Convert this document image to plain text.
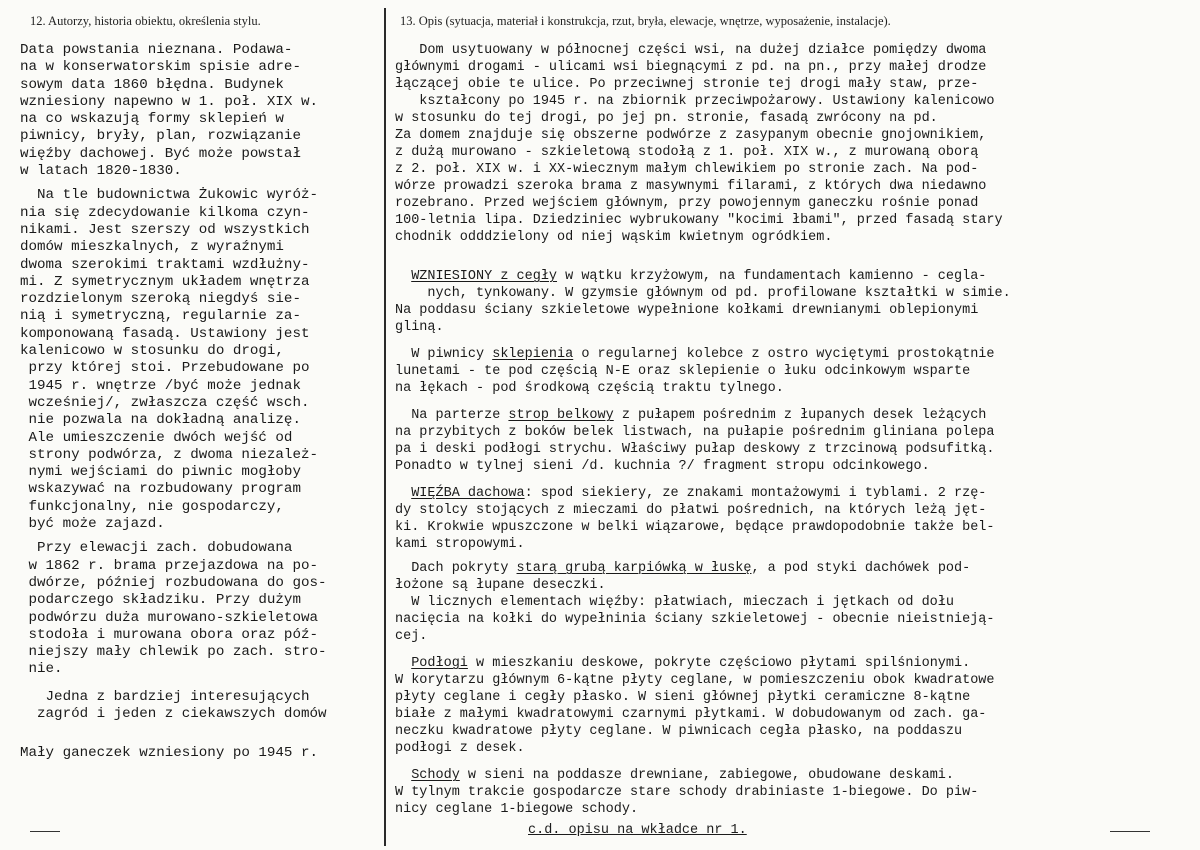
12. Autorzy, historia obiektu, określenia stylu.	13. Opis (sytuacja, materiał i konstrukcja, rzut, bryła, elewacje, wnętrze, wyposażenie, instalacje).

Data powstania nieznana. Podawa-

na w konserwatorskim spisie adre-

sowym data 1860 błędna. Budynek

wzniesiony napewno w 1. poł. XIX w.

na co wskazują formy sklepień w

piwnicy, bryły, plan, rozwiązanie

więźby dachowej. Być może powstał

w latach 1820-1830.

Na tle budownictwa Żukowic wyróż-

nia się zdecydowanie kilkoma czyn-

nikami. Jest szerszy od wszystkich

domów mieszkalnych, z wyraźnymi

dwoma szerokimi traktami wzdłużny-

mi. Z symetrycznym układem wnętrza

rozdzielonym szeroką niegdyś sie-

nią i symetryczną, regularnie za-

komponowaną fasadą. Ustawiony jest

kalenicowo w stosunku do drogi,

przy której stoi. Przebudowane po

1945 r. wnętrze /być może jednak

wcześniej/, zwłaszcza część wsch.

nie pozwala na dokładną analizę.

Ale umieszczenie dwóch wejść od

strony podwórza, z dwoma niezależ-

nymi wejściami do piwnic mogłoby

wskazywać na rozbudowany program

funkcjonalny, nie gospodarczy,

być może zajazd.

Przy elewacji zach. dobudowana

w 1862 r. brama przejazdowa na po-

dwórze, później rozbudowana do gos-

podarczego składziku. Przy dużym

podwórzu duża murowano-szkieletowa

stodoła i murowana obora oraz póź-

niejszy mały chlewik po zach. stro-

nie.

Jedna z bardziej interesujących

zagród i jeden z ciekawszych domów

Mały ganeczek wzniesiony po 1945 r.

Dom usytuowany w północnej części wsi, na dużej działce pomiędzy dwoma

głównymi drogami - ulicami wsi biegnącymi z pd. na pn., przy małej drodze

łączącej obie te ulice. Po przeciwnej stronie tej drogi mały staw, prze-

kształcony po 1945 r. na zbiornik przeciwpożarowy. Ustawiony kalenicowo

w stosunku do tej drogi, po jej pn. stronie, fasadą zwrócony na pd.

Za domem znajduje się obszerne podwórze z zasypanym obecnie gnojownikiem,

z dużą murowano - szkieletową stodołą z 1. poł. XIX w., z murowaną oborą

z 2. poł. XIX w. i XX-wiecznym małym chlewikiem po stronie zach. Na pod-

wórze prowadzi szeroka brama z masywnymi filarami, z których dwa niedawno

rozebrano. Przed wejściem głównym, przy powojennym ganeczku rośnie ponad

100-letnia lipa. Dziedziniec wybrukowany "kocimi łbami", przed fasadą stary

chodnik odddzielony od niej wąskim kwietnym ogródkiem.

WZNIESIONY z cegły w wątku krzyżowym, na fundamentach kamienno - cegla-

nych, tynkowany. W gzymsie głównym od pd. profilowane kształtki w simie.

Na poddasu ściany szkieletowe wypełnione kołkami drewnianymi oblepionymi

gliną.

W piwnicy sklepienia o regularnej kolebce z ostro wyciętymi prostokątnie

lunetami - te pod częścią N-E oraz sklepienie o łuku odcinkowym wsparte

na łękach - pod środkową częścią traktu tylnego.

Na parterze strop belkowy z pułapem pośrednim z łupanych desek leżących

na przybitych z boków belek listwach, na pułapie pośrednim gliniana polepa

pa i deski podłogi strychu. Właściwy pułap deskowy z trzcinową podsufitką.

Ponadto w tylnej sieni /d. kuchnia ?/ fragment stropu odcinkowego.

WIĘŹBA dachowa: spod siekiery, ze znakami montażowymi i tyblami. 2 rzę-

dy stolcy stojących z mieczami do płatwi pośrednich, na których leżą jęt-

ki. Krokwie wpuszczone w belki wiązarowe, będące prawdopodobnie także bel-

kami stropowymi.

Dach pokryty starą grubą karpiówką w łuskę, a pod styki dachówek pod-

łożone są łupane deseczki.

W licznych elementach więźby: płatwiach, mieczach i jętkach od dołu

nacięcia na kołki do wypełninia ściany szkieletowej - obecnie nieistnieją-

cej.

Podłogi w mieszkaniu deskowe, pokryte częściowo płytami spilśnionymi.

W korytarzu głównym 6-kątne płyty ceglane, w pomieszczeniu obok kwadratowe

płyty ceglane i cegły płasko. W sieni głównej płytki ceramiczne 8-kątne

białe z małymi kwadratowymi czarnymi płytkami. W dobudowanym od zach. ga-

neczku kwadratowe płyty ceglane. W piwnicach cegła płasko, na poddaszu

podłogi z desek.

Schody w sieni na poddasze drewniane, zabiegowe, obudowane deskami.

W tylnym trakcie gospodarcze stare schody drabiniaste 1-biegowe. Do piw-

nicy ceglane 1-biegowe schody.

c.d. opisu na wkładce nr 1.
